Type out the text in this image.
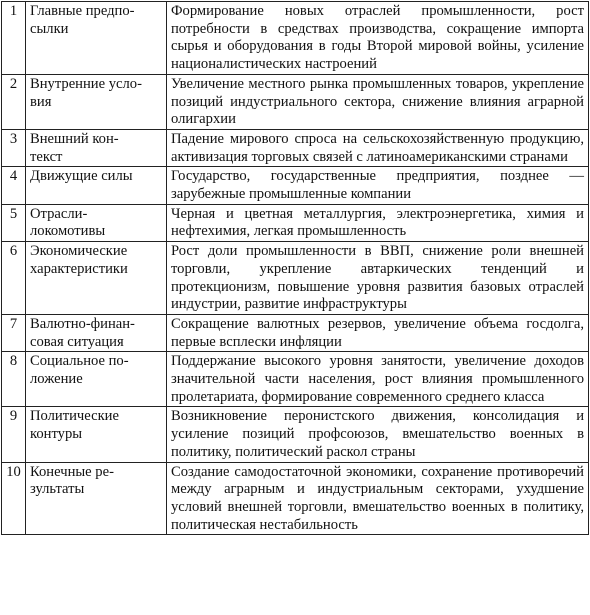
1	Главные предпо-
сылки	Формирование новых отраслей промышленности, рост потребности в средствах производства, сокращение импорта сырья и оборудования в годы Второй мировой войны, усиление националистических настроений

2	Внутренние усло-
вия	Увеличение местного рынка промышленных товаров, укрепление позиций индустриального сектора, снижение влияния аграрной олигархии

3	Внешний кон-
текст	Падение мирового спроса на сельскохозяйственную продукцию, активизация торговых связей с латиноамериканскими странами

4	Движущие силы	Государство, государственные предприятия, позднее — зарубежные промышленные компании

5	Отрасли-
локомотивы	Черная и цветная металлургия, электроэнергетика, химия и нефтехимия, легкая промышленность

6	Экономические
характеристики	Рост доли промышленности в ВВП, снижение роли внешней торговли, укрепление автаркических тенденций и протекционизм, повышение уровня развития базовых отраслей индустрии, развитие инфраструктуры

7	Валютно-финан-
совая ситуация	Сокращение валютных резервов, увеличение объема госдолга, первые всплески инфляции

8	Социальное по-
ложение	Поддержание высокого уровня занятости, увеличение доходов значительной части населения, рост влияния промышленного пролетариата, формирование современного среднего класса

9	Политические
контуры	Возникновение перонистского движения, консолидация и усиление позиций профсоюзов, вмешательство военных в политику, политический раскол страны

10	Конечные ре-
зультаты	Создание самодостаточной экономики, сохранение противоречий между аграрным и индустриальным секторами, ухудшение условий внешней торговли, вмешательство военных в политику, политическая нестабильность
